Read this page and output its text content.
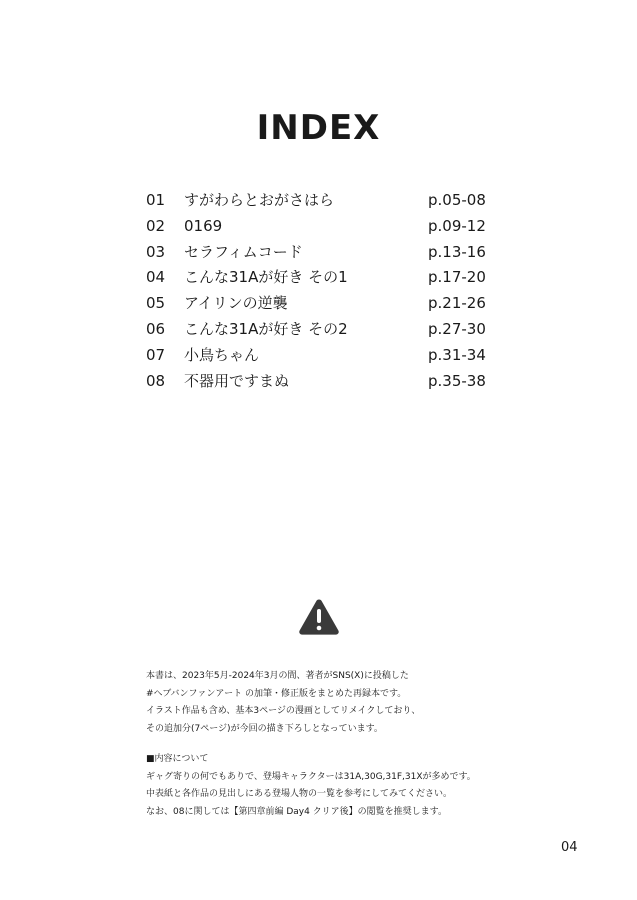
INDEX
01	すがわらとおがさはら	p.05-08
02	0169	p.09-12
03	セラフィムコード	p.13-16
04	こんな31Aが好き その1	p.17-20
05	アイリンの逆襲	p.21-26
06	こんな31Aが好き その2	p.27-30
07	小鳥ちゃん	p.31-34
08	不器用ですまぬ	p.35-38

本書は、2023年5月-2024年3月の間、著者がSNS(X)に投稿した

#ヘブバンファンアート の加筆・修正版をまとめた再録本です。

イラスト作品も含め、基本3ページの漫画としてリメイクしており、

その追加分(7ページ)が今回の描き下ろしとなっています。

■内容について

ギャグ寄りの何でもありで、登場キャラクターは31A,30G,31F,31Xが多めです。

中表紙と各作品の見出しにある登場人物の一覧を参考にしてみてください。

なお、08に関しては【第四章前編 Day4 クリア後】の閲覧を推奨します。

04
